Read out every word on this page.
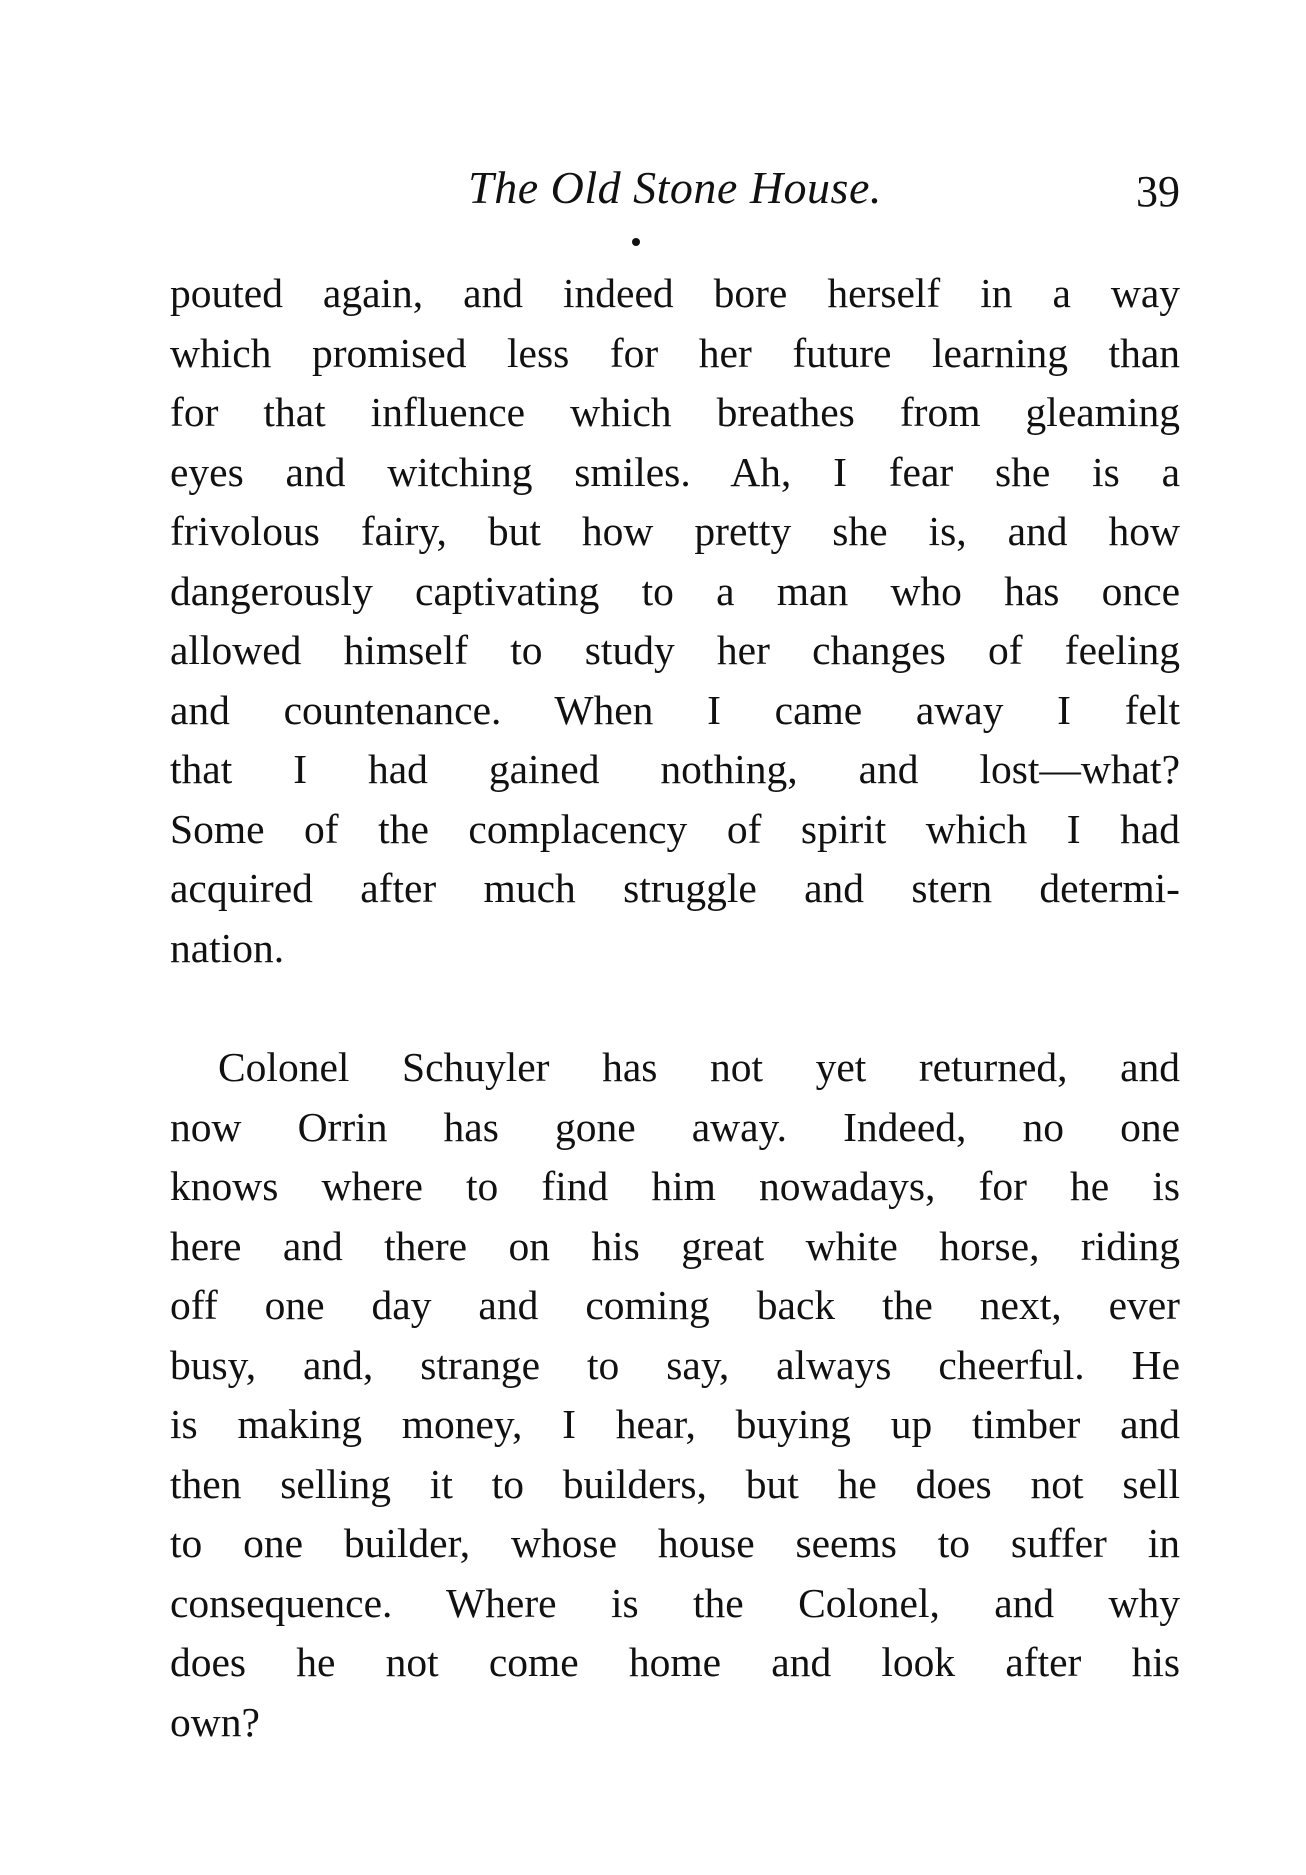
The Old Stone House.	39
pouted again, and indeed bore herself in a way
which promised less for her future learning than
for that influence which breathes from gleaming
eyes and witching smiles. Ah, I fear she is a
frivolous fairy, but how pretty she is, and how
dangerously captivating to a man who has once
allowed himself to study her changes of feeling
and countenance. When I came away I felt
that I had gained nothing, and lost—what?
Some of the complacency of spirit which I had
acquired after much struggle and stern determi-
nation.
Colonel Schuyler has not yet returned, and
now Orrin has gone away. Indeed, no one
knows where to find him nowadays, for he is
here and there on his great white horse, riding
off one day and coming back the next, ever
busy, and, strange to say, always cheerful. He
is making money, I hear, buying up timber and
then selling it to builders, but he does not sell
to one builder, whose house seems to suffer in
consequence. Where is the Colonel, and why
does he not come home and look after his
own?
